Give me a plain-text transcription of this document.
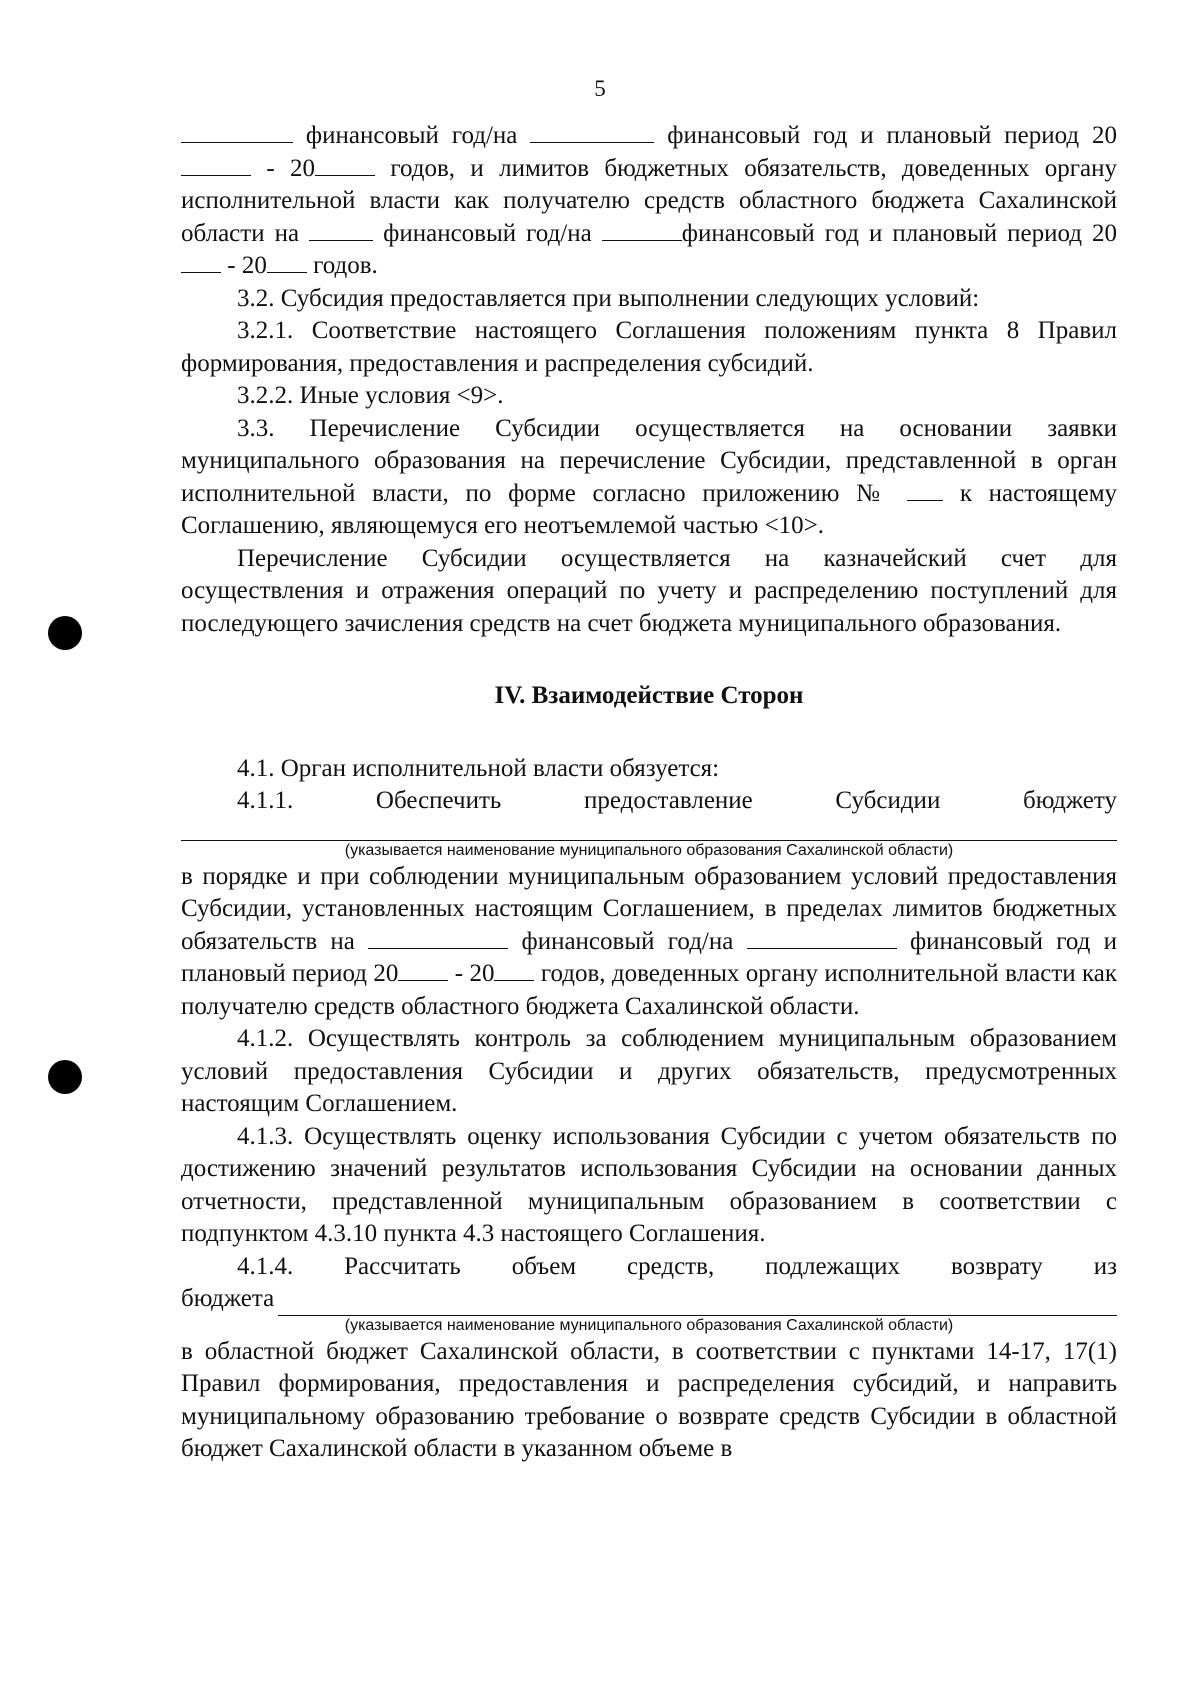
5

финансовый год/на	финансовый год и плановый период 20 - 20	годов, и лимитов бюджетных обязательств, доведенных органу исполнительной власти как получателю средств областного бюджета Сахалинской области на	финансовый год/на	финансовый год и плановый период 20 - 20 годов.

3.2. Субсидия предоставляется при выполнении следующих условий:

3.2.1. Соответствие настоящего Соглашения положениям пункта 8 Правил формирования, предоставления и распределения субсидий.

3.2.2. Иные условия <9>.

3.3. Перечисление Субсидии осуществляется на основании заявки муниципального образования на перечисление Субсидии, представленной в орган исполнительной власти, по форме согласно приложению №	к настоящему Соглашению, являющемуся его неотъемлемой частью <10>.

Перечисление Субсидии осуществляется на казначейский счет для осуществления и отражения операций по учету и распределению поступлений для последующего зачисления средств на счет бюджета муниципального образования.

IV. Взаимодействие Сторон

4.1. Орган исполнительной власти обязуется:

4.1.1.	Обеспечить	предоставление	Субсидии	бюджету
(указывается наименование муниципального образования Сахалинской области)

в порядке и при соблюдении муниципальным образованием условий предоставления Субсидии, установленных настоящим Соглашением, в пределах лимитов бюджетных обязательств на	финансовый год/на	финансовый год и плановый период 20 - 20 годов, доведенных органу исполнительной власти как получателю средств областного бюджета Сахалинской области.

4.1.2. Осуществлять контроль за соблюдением муниципальным образованием условий предоставления Субсидии и других обязательств, предусмотренных настоящим Соглашением.

4.1.3. Осуществлять оценку использования Субсидии с учетом обязательств по достижению значений результатов использования Субсидии на основании данных отчетности, представленной муниципальным образованием в соответствии с подпунктом 4.3.10 пункта 4.3 настоящего Соглашения.

4.1.4. Рассчитать объем средств, подлежащих возврату из
бюджета
(указывается наименование муниципального образования Сахалинской области)

в областной бюджет Сахалинской области, в соответствии с пунктами 14-17, 17(1) Правил формирования, предоставления и распределения субсидий, и направить муниципальному образованию требование о возврате средств Субсидии в областной бюджет Сахалинской области в указанном объеме в
